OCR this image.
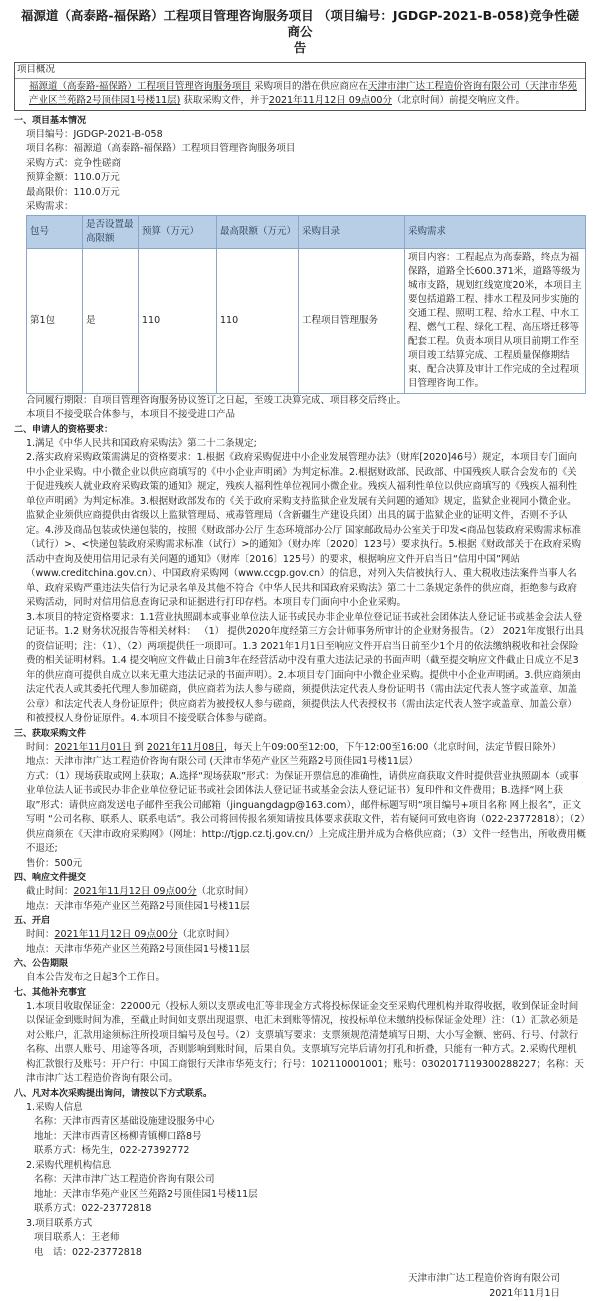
福源道（高泰路-福保路）工程项目管理咨询服务项目 （项目编号：JGDGP-2021-B-058)竞争性磋商公
告
项目概况
福源道（高泰路-福保路）工程项目管理咨询服务项目 采购项目的潜在供应商应在天津市津广达工程造价咨询有限公司（天津市华苑产业区兰苑路2号顶佳园1号楼11层) 获取采购文件，并于2021年11月12日 09点00分（北京时间）前提交响应文件。
一、项目基本情况
项目编号：JGDGP-2021-B-058
项目名称：福源道（高泰路-福保路）工程项目管理咨询服务项目
采购方式：竞争性磋商
预算金额：110.0万元
最高限价：110.0万元
采购需求：
包号	是否设置最高限额	预算（万元）	最高限额（万元）	采购目录	采购需求
第1包	是	110	110	工程项目管理服务	项目内容：工程起点为高泰路，终点为福保路，道路全长600.371米，道路等级为城市支路，规划红线宽度20米，本项目主要包括道路工程、排水工程及同步实施的交通工程、照明工程、给水工程、中水工程、燃气工程、绿化工程、高压塔迁移等配套工程。负责本项目从项目前期工作至项目竣工结算完成、工程质量保修期结束、配合决算及审计工作完成的全过程项目管理咨询工作。
合同履行期限：自项目管理咨询服务协议签订之日起，至竣工决算完成、项目移交后终止。
本项目不接受联合体参与，本项目不接受进口产品
二、申请人的资格要求：
1.满足《中华人民共和国政府采购法》第二十二条规定;
2.落实政府采购政策需满足的资格要求：1.根据《政府采购促进中小企业发展管理办法》（财库[2020]46号）规定，本项目专门面向中小企业采购。中小微企业以供应商填写的《中小企业声明函》为判定标准。2.根据财政部、民政部、中国残疾人联合会发布的《关于促进残疾人就业政府采购政策的通知》规定，残疾人福利性单位视同小微企业。残疾人福利性单位以供应商填写的《残疾人福利性单位声明函》为判定标准。3.根据财政部发布的《关于政府采购支持监狱企业发展有关问题的通知》规定，监狱企业视同小微企业。监狱企业须供应商提供由省级以上监狱管理局、戒毒管理局（含新疆生产建设兵团）出具的属于监狱企业的证明文件，否则不予认定。4.涉及商品包装或快递包装的，按照《财政部办公厅 生态环境部办公厅 国家邮政局办公室关于印发<商品包装政府采购需求标准（试行）>、<快递包装政府采购需求标准（试行）>的通知》（财办库〔2020〕123号）要求执行。5.根据《财政部关于在政府采购活动中查询及使用信用记录有关问题的通知》（财库〔2016〕125号）的要求，根据响应文件开启当日“信用中国”网站（www.creditchina.gov.cn）、中国政府采购网（www.ccgp.gov.cn）的信息，对列入失信被执行人、重大税收违法案件当事人名单、政府采购严重违法失信行为记录名单及其他不符合《中华人民共和国政府采购法》第二十二条规定条件的供应商，拒绝参与政府采购活动，同时对信用信息查询记录和证据进行打印存档。本项目专门面向中小企业采购。
3.本项目的特定资格要求：1.1营业执照副本或事业单位法人证书或民办非企业单位登记证书或社会团体法人登记证书或基金会法人登记证书。1.2 财务状况报告等相关材料： （1） 提供2020年度经第三方会计师事务所审计的企业财务报告。（2） 2021年度银行出具的资信证明；注：（1）、（2）两项提供任一项即可。1.3 2021年1月1日至响应文件开启当日前至少1个月的依法缴纳税收和社会保险费的相关证明材料。1.4 提交响应文件截止日前3年在经营活动中没有重大违法记录的书面声明（截至提交响应文件截止日成立不足3年的供应商可提供自成立以来无重大违法记录的书面声明）。2.本项目专门面向中小微企业采购。提供中小企业声明函。3.供应商须由法定代表人或其委托代理人参加磋商，供应商若为法人参与磋商，须提供法定代表人身份证明书（需由法定代表人签字或盖章、加盖公章）和法定代表人身份证原件；供应商若为被授权人参与磋商，须提供法人代表授权书（需由法定代表人签字或盖章、加盖公章）和被授权人身份证原件。4.本项目不接受联合体参与磋商。
三、获取采购文件
时间：2021年11月01日 到 2021年11月08日，每天上午09:00至12:00，下午12:00至16:00（北京时间，法定节假日除外）
地点：天津市津广达工程造价咨询有限公司 (天津市华苑产业区兰苑路2号顶佳园1号楼11层）
方式：（1）现场获取或网上获取；A.选择“现场获取”形式：为保证开票信息的准确性，请供应商获取文件时提供营业执照副本（或事业单位法人证书或民办非企业单位登记证书或社会团体法人登记证书或基金会法人登记证书）复印件和文件费用；B.选择“网上获取”形式：请供应商发送电子邮件至我公司邮箱（jinguangdagp@163.com），邮件标题写明“项目编号+项目名称 网上报名”，正文写明 “公司名称、联系人、联系电话”。我公司将回传报名须知请按具体要求获取文件，若有疑问可致电咨询（022-23772818）；（2）供应商须在《天津市政府采购网》（网址：http://tjgp.cz.tj.gov.cn/）上完成注册并成为合格供应商；（3）文件一经售出，所收费用概不退还;
售价：500元
四、响应文件提交
截止时间：2021年11月12日 09点00分（北京时间）
地点：天津市华苑产业区兰苑路2号顶佳园1号楼11层
五、开启
时间：2021年11月12日 09点00分（北京时间）
地点：天津市华苑产业区兰苑路2号顶佳园1号楼11层
六、公告期限
自本公告发布之日起3个工作日。
七、其他补充事宜
1.本项目收取保证金：22000元（投标人须以支票或电汇等非现金方式将投标保证金交至采购代理机构并取得收据，收到保证金时间以保证金到账时间为准，至截止时间如支票出现退票、电汇未到账等情况，按投标单位未缴纳投标保证金处理）注：（1）汇款必须是对公账户，汇款用途须标注所投项目编号及包号。（2）支票填写要求：支票须规范清楚填写日期、大小写金额、密码、行号、付款行名称、出票人账号、用途等各项，否则影响到账时间，后果自负。支票填写完毕后请勿打孔和折叠，只能有一种方式。2.采购代理机构汇款银行及账号：开户行：中国工商银行天津市华苑支行；行号：102110001001；账号：0302017119300288227；名称：天津市津广达工程造价咨询有限公司。
八、凡对本次采购提出询问，请按以下方式联系。
1.采购人信息
名称：天津市西青区基础设施建设服务中心
地址：天津市西青区杨柳青镇柳口路8号
联系方式：杨先生，022-27392772
2.采购代理机构信息
名称：天津市津广达工程造价咨询有限公司
地址：天津市华苑产业区兰苑路2号顶佳园1号楼11层
联系方式：022-23772818
3.项目联系方式
项目联系人：王老师
电　话：022-23772818
天津市津广达工程造价咨询有限公司
2021年11月1日
